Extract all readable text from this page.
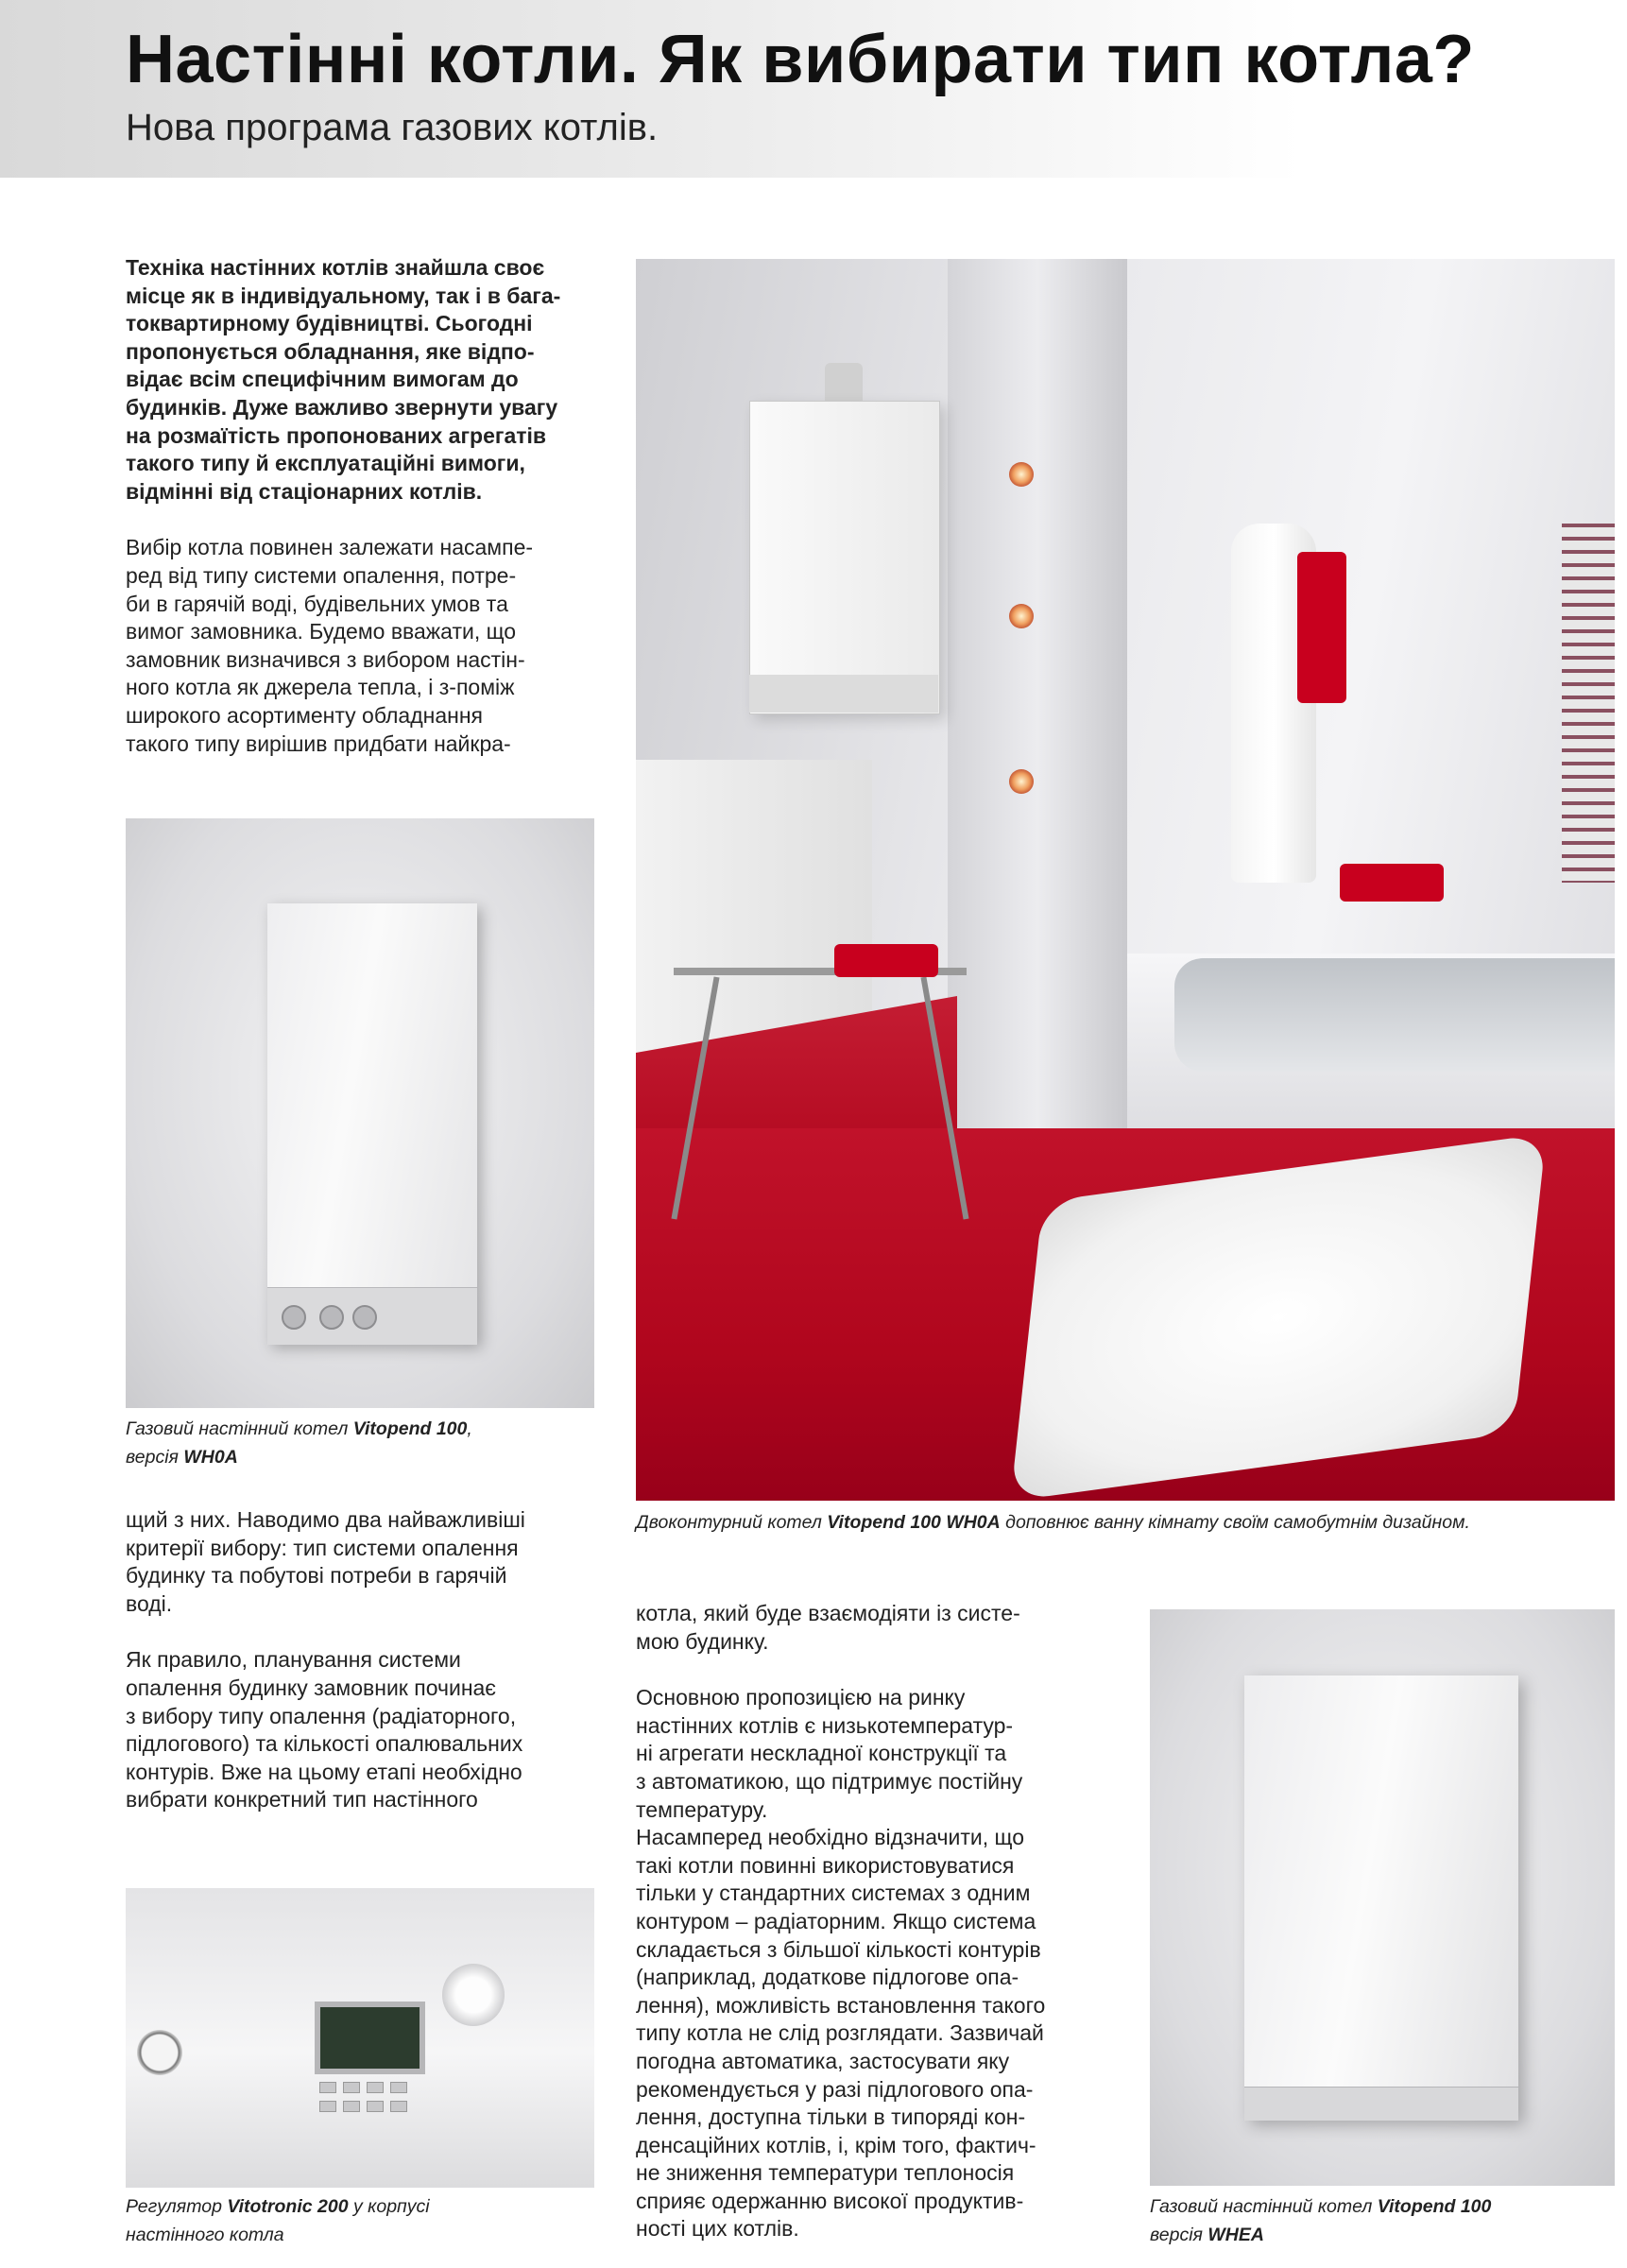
Настінні котли. Як вибирати тип котла?
Нова програма газових котлів.
Техніка настінних котлів знайшла своє
місце як в індивідуальному, так і в бага-
токвартирному будівництві. Сьогодні
пропонується обладнання, яке відпо-
відає всім специфічним вимогам до
будинків. Дуже важливо звернути увагу
на розмаїтість пропонованих агрегатів
такого типу й експлуатаційні вимоги,
відмінні від стаціонарних котлів.
Вибір котла повинен залежати насампе-
ред від типу системи опалення, потре-
би в гарячій воді, будівельних умов та
вимог замовника. Будемо вважати, що
замовник визначився з вибором настін-
ного котла як джерела тепла, і з-поміж
широкого асортименту обладнання
такого типу вирішив придбати найкра-
Газовий настінний котел Vitopend 100,
версія WH0A
щий з них. Наводимо два найважливіші
критерії вибору: тип системи опалення
будинку та побутові потреби в гарячій
воді.
Як правило, планування системи
опалення будинку замовник починає
з вибору типу опалення (радіаторного,
підлогового) та кількості опалювальних
контурів. Вже на цьому етапі необхідно
вибрати конкретний тип настінного
Регулятор Vitotronic 200 у корпусі
настінного котла
Двоконтурний котел Vitopend 100 WH0A доповнює ванну кімнату своїм самобутнім дизайном.
котла, який буде взаємодіяти із систе-
мою будинку.
Основною пропозицією на ринку
настінних котлів є низькотемператур-
ні агрегати нескладної конструкції та
з автоматикою, що підтримує постійну
температуру.
Насамперед необхідно відзначити, що
такі котли повинні використовуватися
тільки у стандартних системах з одним
контуром – радіаторним. Якщо система
складається з більшої кількості контурів
(наприклад, додаткове підлогове опа-
лення), можливість встановлення такого
типу котла не слід розглядати. Зазвичай
погодна автоматика, застосувати яку
рекомендується у разі підлогового опа-
лення, доступна тільки в типоряді кон-
денсаційних котлів, і, крім того, фактич-
не зниження температури теплоносія
сприяє одержанню високої продуктив-
ності цих котлів.
Газовий настінний котел Vitopend 100
версія WHEA
